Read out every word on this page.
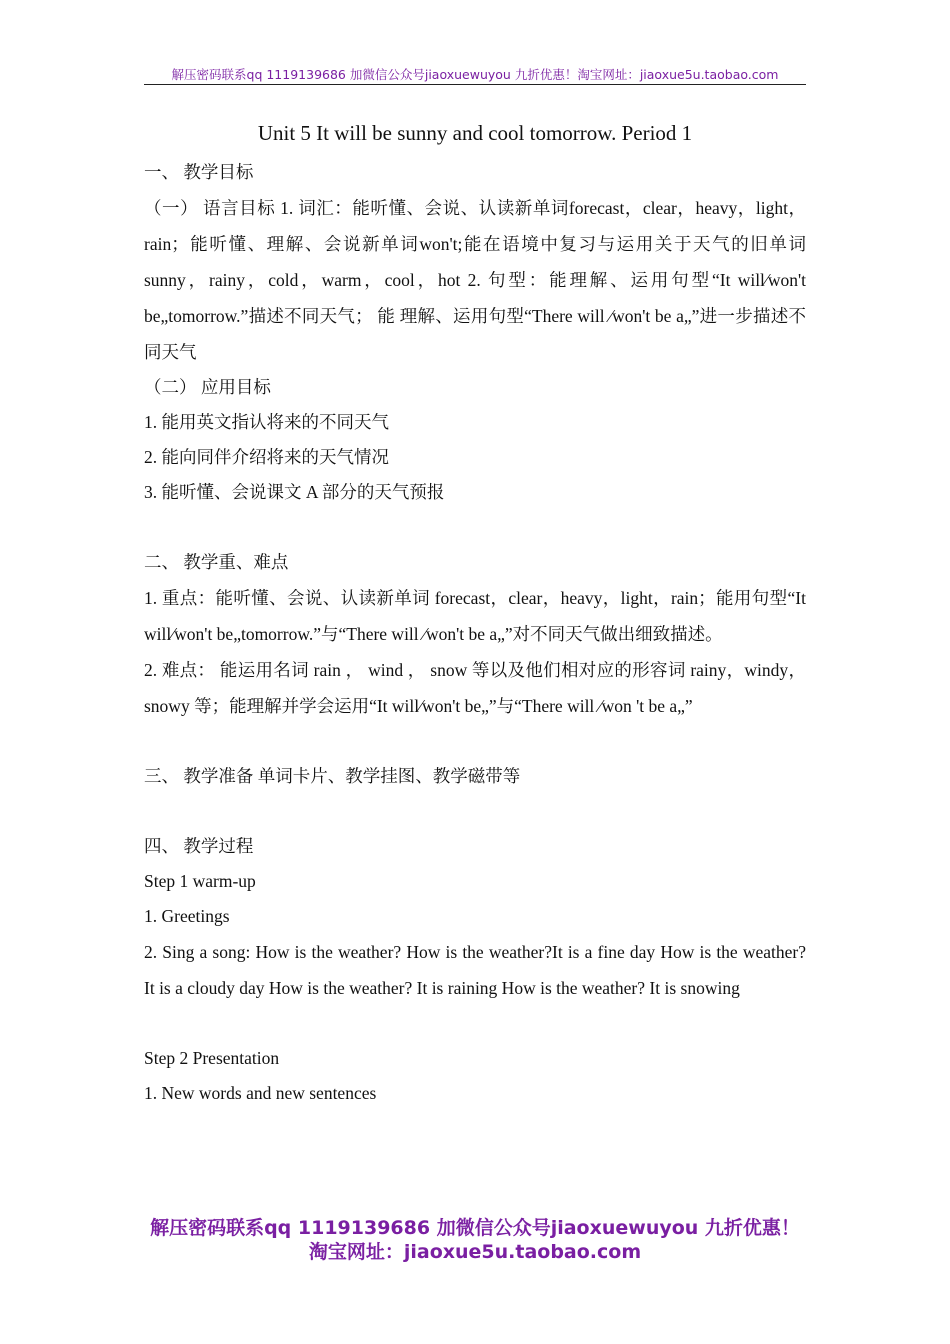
解压密码联系qq 1119139686 加微信公众号jiaoxuewuyou 九折优惠！淘宝网址：jiaoxue5u.taobao.com
Unit 5 It will be sunny and cool tomorrow. Period 1

一、 教学目标

（一） 语言目标 1. 词汇：能听懂、会说、认读新单词forecast，clear，heavy，light，rain；能听懂、理解、会说新单词won't;能在语境中复习与运用关于天气的旧单词sunny，rainy，cold，warm，cool，hot 2. 句型：能理解、运用句型“It will⁄won't be„tomorrow.”描述不同天气； 能 理解、运用句型“There will ⁄won't be a„”进一步描述不同天气

（二） 应用目标

1. 能用英文指认将来的不同天气

2. 能向同伴介绍将来的天气情况

3. 能听懂、会说课文 A 部分的天气预报

二、 教学重、难点

1. 重点：能听懂、会说、认读新单词 forecast，clear，heavy，light，rain；能用句型“It will⁄won't be„tomorrow.”与“There will ⁄won't be a„”对不同天气做出细致描述。

2. 难点： 能运用名词 rain ， wind ， snow 等以及他们相对应的形容词 rainy，windy，snowy 等；能理解并学会运用“It will⁄won't be„”与“There will ⁄won 't be a„”

三、 教学准备 单词卡片、教学挂图、教学磁带等

四、 教学过程

Step 1 warm-up

1. Greetings

2. Sing a song: How is the weather? How is the weather?It is a fine day How is the weather? It is a cloudy day How is the weather? It is raining How is the weather? It is snowing

Step 2 Presentation

1. New words and new sentences

解压密码联系qq 1119139686 加微信公众号jiaoxuewuyou 九折优惠！
淘宝网址：jiaoxue5u.taobao.com
